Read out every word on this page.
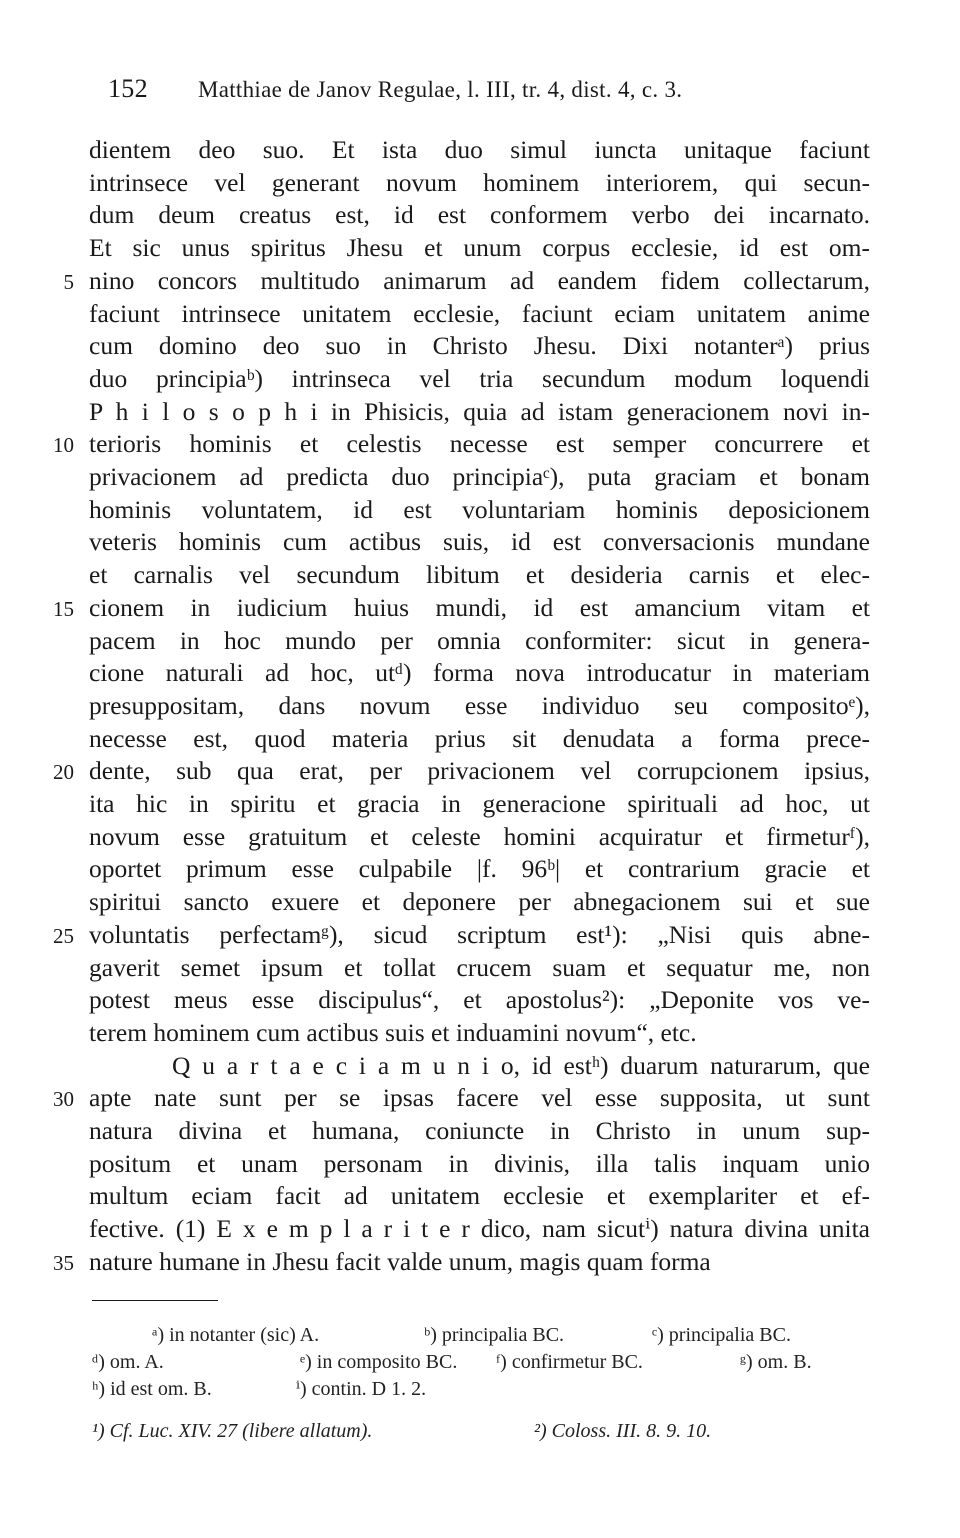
152 Matthiae de Janov Regulae, l. III, tr. 4, dist. 4, c. 3.
dientem deo suo. Et ista duo simul iuncta unitaque faciunt
intrinsece vel generant novum hominem interiorem, qui secun-
dum deum creatus est, id est conformem verbo dei incarnato.
Et sic unus spiritus Jhesu et unum corpus ecclesie, id est om-
nino concors multitudo animarum ad eandem fidem collectarum,
faciunt intrinsece unitatem ecclesie, faciunt eciam unitatem anime
cum domino deo suo in Christo Jhesu. Dixi notanterᵃ) prius
duo principiaᵇ) intrinseca vel tria secundum modum loquendi
P h i l o s o p h i in Phisicis, quia ad istam generacionem novi in-
terioris hominis et celestis necesse est semper concurrere et
privacionem ad predicta duo principiaᶜ), puta graciam et bonam
hominis voluntatem, id est voluntariam hominis deposicionem
veteris hominis cum actibus suis, id est conversacionis mundane
et carnalis vel secundum libitum et desideria carnis et elec-
cionem in iudicium huius mundi, id est amancium vitam et
pacem in hoc mundo per omnia conformiter: sicut in genera-
cione naturali ad hoc, utᵈ) forma nova introducatur in materiam
presuppositam, dans novum esse individuo seu compositoᵉ),
necesse est, quod materia prius sit denudata a forma prece-
dente, sub qua erat, per privacionem vel corrupcionem ipsius,
ita hic in spiritu et gracia in generacione spirituali ad hoc, ut
novum esse gratuitum et celeste homini acquiratur et firmeturᶠ),
oportet primum esse culpabile |f. 96ᵇ| et contrarium gracie et
spiritui sancto exuere et deponere per abnegacionem sui et sue
voluntatis perfectamᵍ), sicud scriptum est¹): „Nisi quis abne-
gaverit semet ipsum et tollat crucem suam et sequatur me, non
potest meus esse discipulus“, et apostolus²): „Deponite vos ve-
terem hominem cum actibus suis et induamini novum“, etc.
Q u a r t a e c i a m u n i o, id estʰ) duarum naturarum, que
apte nate sunt per se ipsas facere vel esse supposita, ut sunt
natura divina et humana, coniuncte in Christo in unum sup-
positum et unam personam in divinis, illa talis inquam unio
multum eciam facit ad unitatem ecclesie et exemplariter et ef-
fective. (1) E x e m p l a r i t e r dico, nam sicutⁱ) natura divina unita
nature humane in Jhesu facit valde unum, magis quam forma
5
10
15
20
25
30
35
ᵃ) in notanter (sic) A.	ᵇ) principalia BC.	ᶜ) principalia BC.
ᵈ) om. A.	ᵉ) in composito BC. ᶠ) confirmetur BC.	ᵍ) om. B.
ʰ) id est om. B.	ⁱ) contin. D 1. 2.
¹) Cf. Luc. XIV. 27 (libere allatum).	²) Coloss. III. 8. 9. 10.
